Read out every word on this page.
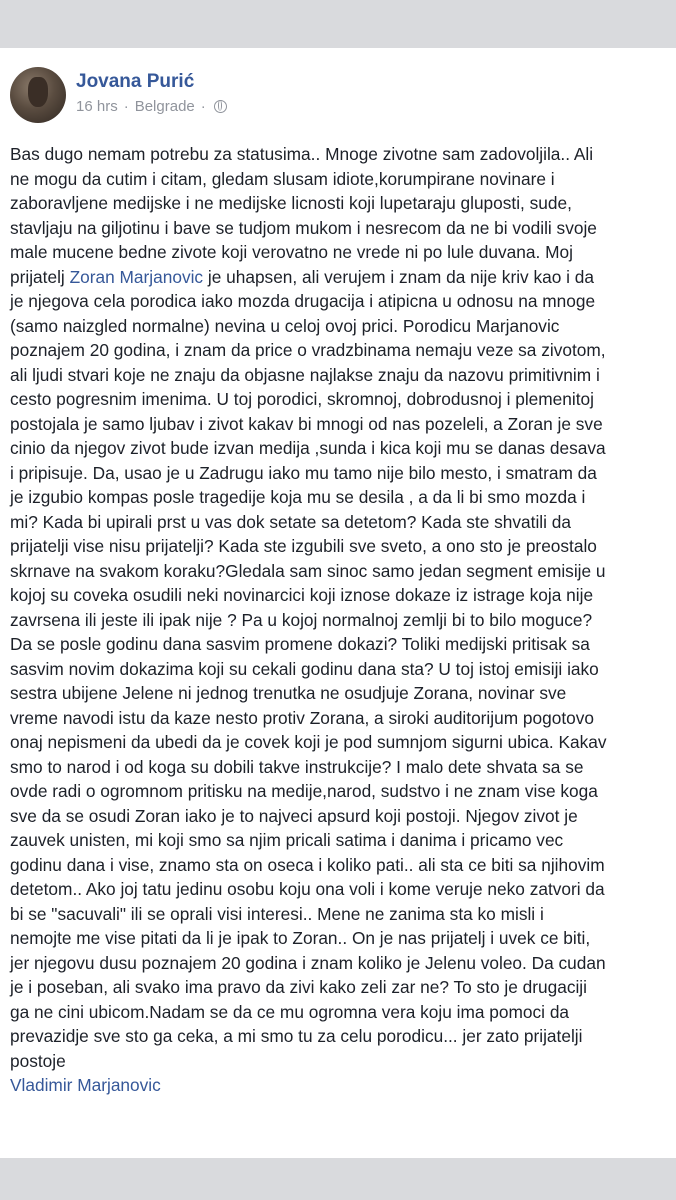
Jovana Purić
16 hrs · Belgrade ·
Bas dugo nemam potrebu za statusima.. Mnoge zivotne sam zadovoljila.. Ali
ne mogu da cutim i citam, gledam slusam idiote,korumpirane novinare i
zaboravljene medijske i ne medijske licnosti koji lupetaraju gluposti, sude,
stavljaju na giljotinu i bave se tudjom mukom i nesrecom da ne bi vodili svoje
male mucene bedne zivote koji verovatno ne vrede ni po lule duvana. Moj
prijatelj Zoran Marjanovic je uhapsen, ali verujem i znam da nije kriv kao i da
je njegova cela porodica iako mozda drugacija i atipicna u odnosu na mnoge
(samo naizgled normalne) nevina u celoj ovoj prici. Porodicu Marjanovic
poznajem 20 godina, i znam da price o vradzbinama nemaju veze sa zivotom,
ali ljudi stvari koje ne znaju da objasne najlakse znaju da nazovu primitivnim i
cesto pogresnim imenima. U toj porodici, skromnoj, dobrodusnoj i plemenitoj
postojala je samo ljubav i zivot kakav bi mnogi od nas pozeleli, a Zoran je sve
cinio da njegov zivot bude izvan medija ,sunda i kica koji mu se danas desava
i pripisuje. Da, usao je u Zadrugu iako mu tamo nije bilo mesto, i smatram da
je izgubio kompas posle tragedije koja mu se desila , a da li bi smo mozda i
mi? Kada bi upirali prst u vas dok setate sa detetom? Kada ste shvatili da
prijatelji vise nisu prijatelji? Kada ste izgubili sve sveto, a ono sto je preostalo
skrnave na svakom koraku?Gledala sam sinoc samo jedan segment emisije u
kojoj su coveka osudili neki novinarcici koji iznose dokaze iz istrage koja nije
zavrsena ili jeste ili ipak nije ? Pa u kojoj normalnoj zemlji bi to bilo moguce?
Da se posle godinu dana sasvim promene dokazi? Toliki medijski pritisak sa
sasvim novim dokazima koji su cekali godinu dana sta? U toj istoj emisiji iako
sestra ubijene Jelene ni jednog trenutka ne osudjuje Zorana, novinar sve
vreme navodi istu da kaze nesto protiv Zorana, a siroki auditorijum pogotovo
onaj nepismeni da ubedi da je covek koji je pod sumnjom sigurni ubica. Kakav
smo to narod i od koga su dobili takve instrukcije? I malo dete shvata sa se
ovde radi o ogromnom pritisku na medije,narod, sudstvo i ne znam vise koga
sve da se osudi Zoran iako je to najveci apsurd koji postoji. Njegov zivot je
zauvek unisten, mi koji smo sa njim pricali satima i danima i pricamo vec
godinu dana i vise, znamo sta on oseca i koliko pati.. ali sta ce biti sa njihovim
detetom.. Ako joj tatu jedinu osobu koju ona voli i kome veruje neko zatvori da
bi se "sacuvali" ili se oprali visi interesi.. Mene ne zanima sta ko misli i
nemojte me vise pitati da li je ipak to Zoran.. On je nas prijatelj i uvek ce biti,
jer njegovu dusu poznajem 20 godina i znam koliko je Jelenu voleo. Da cudan
je i poseban, ali svako ima pravo da zivi kako zeli zar ne? To sto je drugaciji
ga ne cini ubicom.Nadam se da ce mu ogromna vera koju ima pomoci da
prevazidje sve sto ga ceka, a mi smo tu za celu porodicu... jer zato prijatelji
postoje
Vladimir Marjanovic
